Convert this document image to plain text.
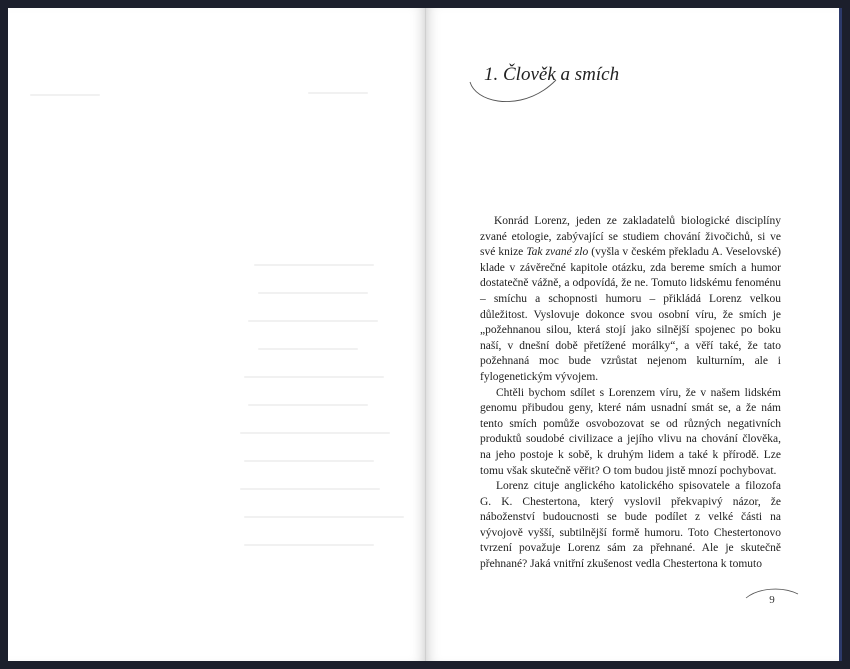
1. Člověk a smích

Konrád Lorenz, jeden ze zakladatelů biologické disciplíny zvané etologie, zabývající se studiem chování živočichů, si ve své knize Tak zvané zlo (vyšla v českém překladu A. Veselovské) klade v závěrečné kapitole otázku, zda bereme smích a humor dostatečně vážně, a odpovídá, že ne. Tomuto lidskému fenoménu – smíchu a schopnosti humoru – přikládá Lorenz velkou důležitost. Vyslovuje dokonce svou osobní víru, že smích je „požehnanou silou, která stojí jako silnější spojenec po boku naší, v dnešní době přetížené morálky“, a věří také, že tato požehnaná moc bude vzrůstat nejenom kulturním, ale i fylogenetickým vývojem.

Chtěli bychom sdílet s Lorenzem víru, že v našem lidském genomu přibudou geny, které nám usnadní smát se, a že nám tento smích pomůže osvobozovat se od různých negativních produktů soudobé civilizace a jejího vlivu na chování člověka, na jeho postoje k sobě, k druhým lidem a také k přírodě. Lze tomu však skutečně věřit? O tom budou jistě mnozí pochybovat.

Lorenz cituje anglického katolického spisovatele a filozofa G. K. Chestertona, který vyslovil překvapivý názor, že náboženství budoucnosti se bude podílet z velké části na vývojově vyšší, subtilnější formě humoru. Toto Chestertonovo tvrzení považuje Lorenz sám za přehnané. Ale je skutečně přehnané? Jaká vnitřní zkušenost vedla Chestertona k tomuto

9
